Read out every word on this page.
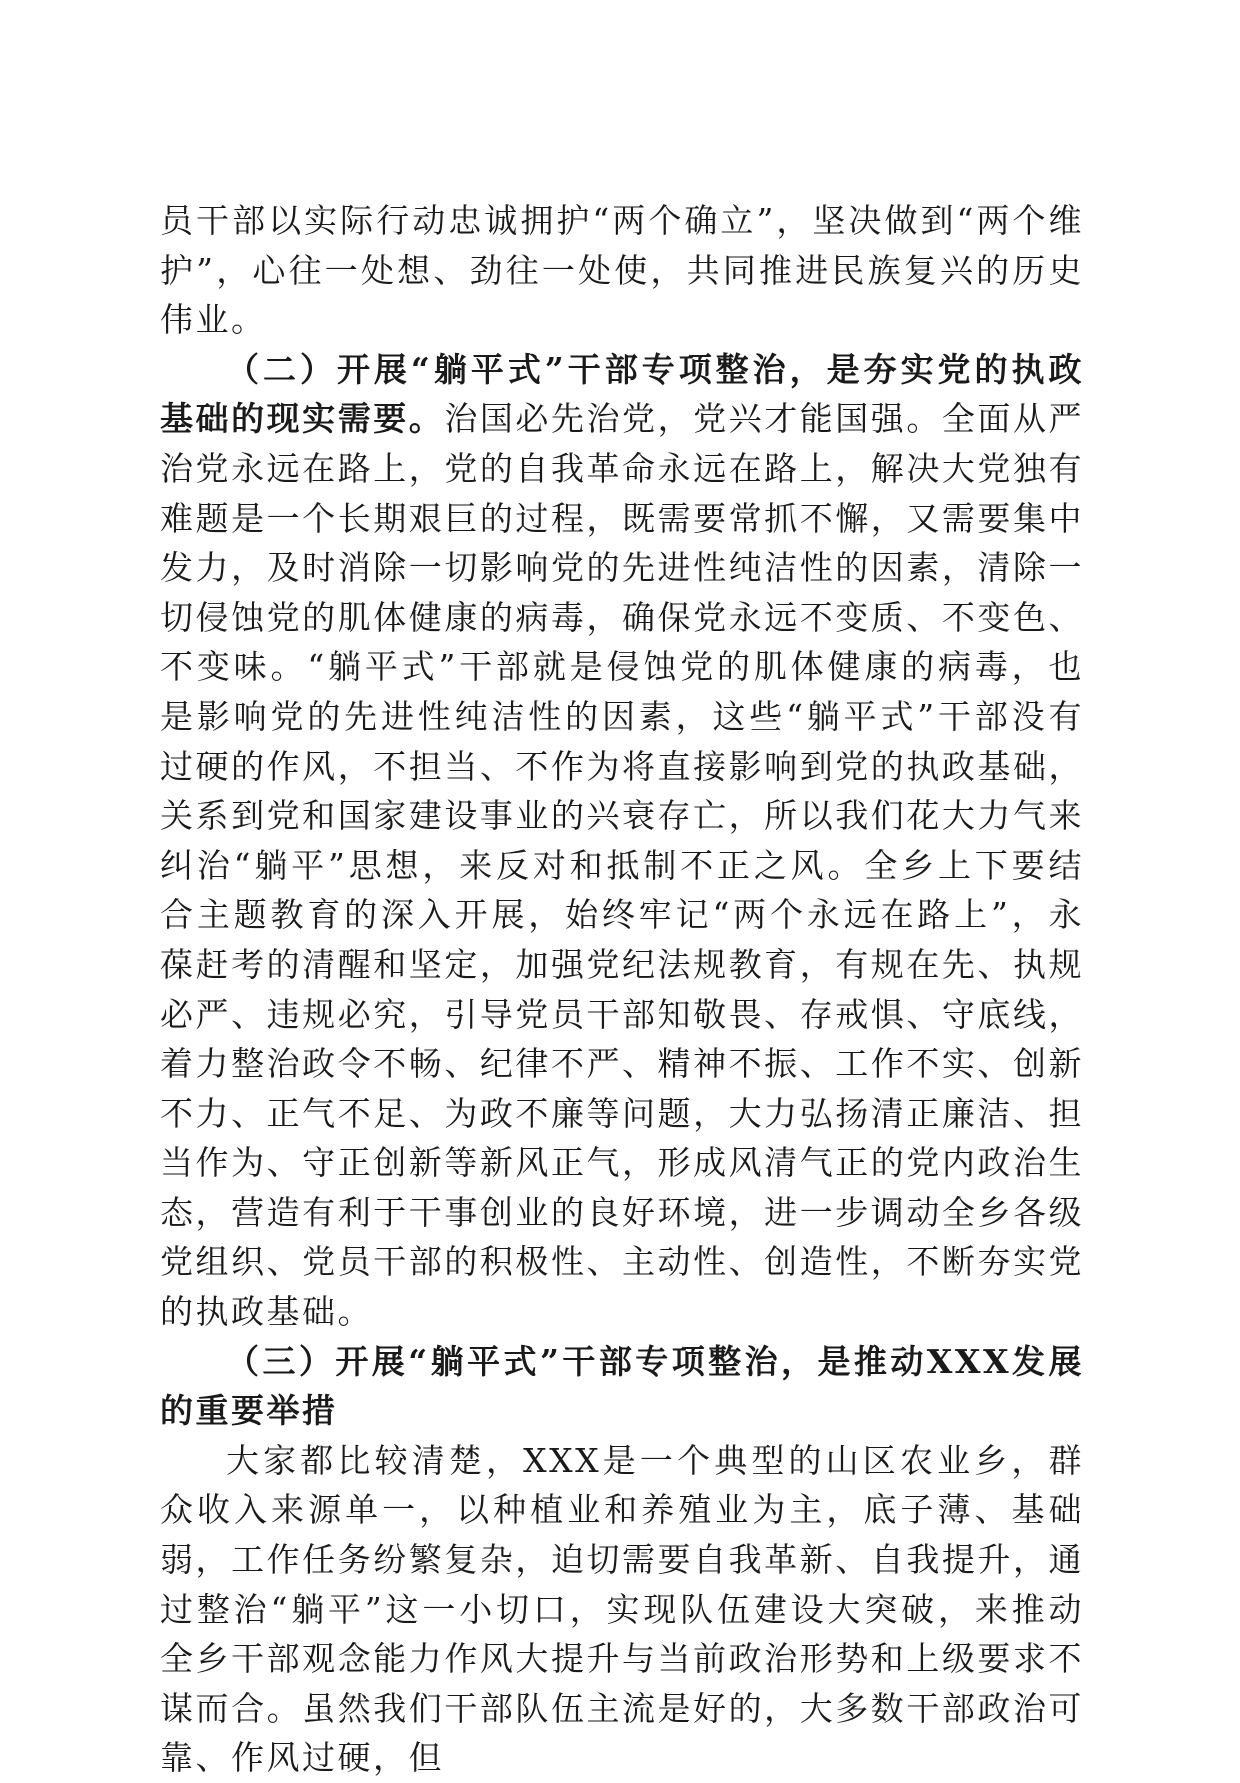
员干部以实际行动忠诚拥护“两个确立”，坚决做到“两个维护”，心往一处想、劲往一处使，共同推进民族复兴的历史伟业。

（二）开展“躺平式”干部专项整治，是夯实党的执政基础的现实需要。治国必先治党，党兴才能国强。全面从严治党永远在路上，党的自我革命永远在路上，解决大党独有难题是一个长期艰巨的过程，既需要常抓不懈，又需要集中发力，及时消除一切影响党的先进性纯洁性的因素，清除一切侵蚀党的肌体健康的病毒，确保党永远不变质、不变色、不变味。“躺平式”干部就是侵蚀党的肌体健康的病毒，也是影响党的先进性纯洁性的因素，这些“躺平式”干部没有过硬的作风，不担当、不作为将直接影响到党的执政基础，关系到党和国家建设事业的兴衰存亡，所以我们花大力气来纠治“躺平”思想，来反对和抵制不正之风。全乡上下要结合主题教育的深入开展，始终牢记“两个永远在路上”，永葆赶考的清醒和坚定，加强党纪法规教育，有规在先、执规必严、违规必究，引导党员干部知敬畏、存戒惧、守底线，着力整治政令不畅、纪律不严、精神不振、工作不实、创新不力、正气不足、为政不廉等问题，大力弘扬清正廉洁、担当作为、守正创新等新风正气，形成风清气正的党内政治生态，营造有利于干事创业的良好环境，进一步调动全乡各级党组织、党员干部的积极性、主动性、创造性，不断夯实党的执政基础。

（三）开展“躺平式”干部专项整治，是推动XXX发展的重要举措

大家都比较清楚，XXX是一个典型的山区农业乡，群众收入来源单一，以种植业和养殖业为主，底子薄、基础弱，工作任务纷繁复杂，迫切需要自我革新、自我提升，通过整治“躺平”这一小切口，实现队伍建设大突破，来推动全乡干部观念能力作风大提升与当前政治形势和上级要求不谋而合。虽然我们干部队伍主流是好的，大多数干部政治可靠、作风过硬，但
